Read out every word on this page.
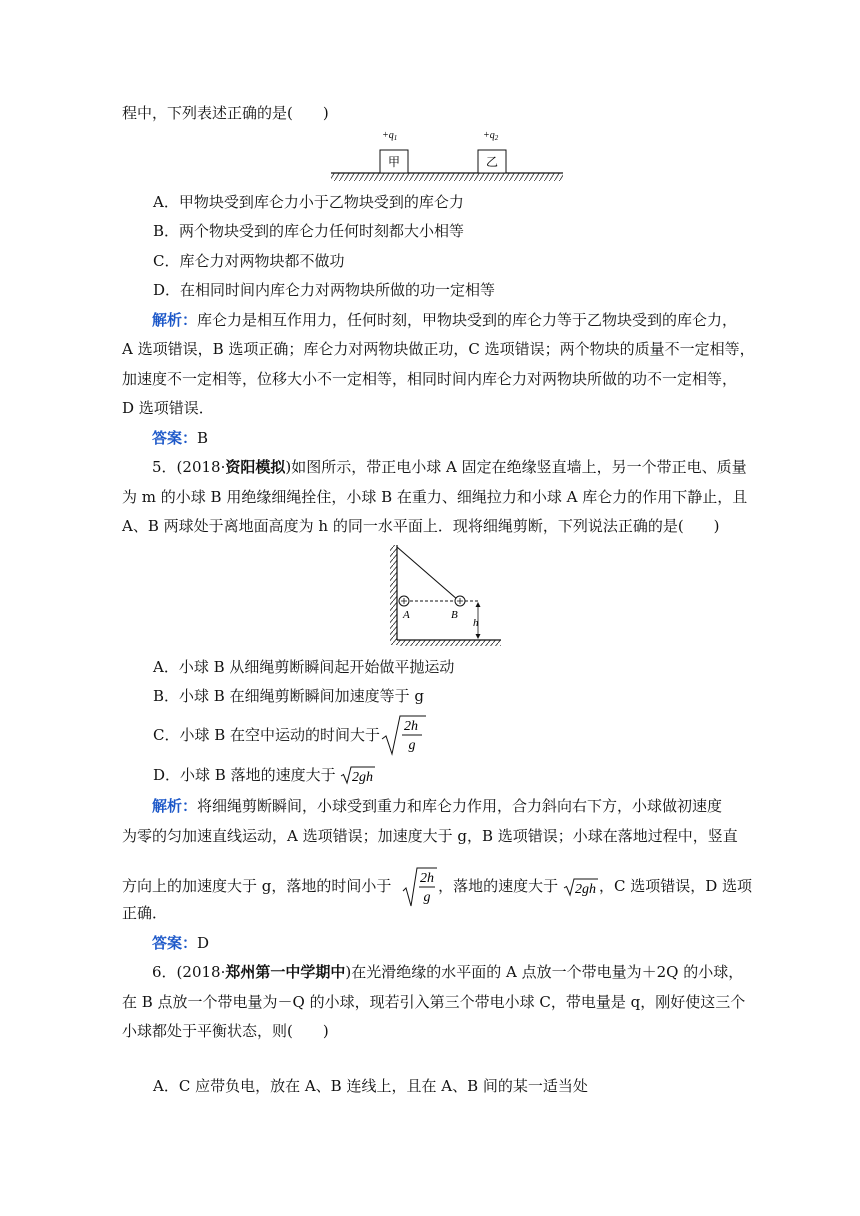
程中，下列表述正确的是(　　)
甲	乙
$+q_1$	$+q_2$
A．甲物块受到库仑力小于乙物块受到的库仑力
B．两个物块受到的库仑力任何时刻都大小相等
C．库仑力对两物块都不做功
D．在相同时间内库仑力对两物块所做的功一定相等
解析：库仑力是相互作用力，任何时刻，甲物块受到的库仑力等于乙物块受到的库仑力，
A 选项错误，B 选项正确；库仑力对两物块做正功，C 选项错误；两个物块的质量不一定相等，
加速度不一定相等，位移大小不一定相等，相同时间内库仑力对两物块所做的功不一定相等，
D 选项错误．
答案：B
5．(2018·资阳模拟)如图所示，带正电小球 A 固定在绝缘竖直墙上，另一个带正电、质量
为 m 的小球 B 用绝缘细绳拴住，小球 B 在重力、细绳拉力和小球 A 库仑力的作用下静止，且
A、B 两球处于离地面高度为 h 的同一水平面上．现将细绳剪断，下列说法正确的是(　　)
A	B
h
A．小球 B 从细绳剪断瞬间起开始做平抛运动
B．小球 B 在细绳剪断瞬间加速度等于 g
C．小球 B 在空中运动的时间大于 2h
g
D．小球 B 落地的速度大于 2gh
解析：将细绳剪断瞬间，小球受到重力和库仑力作用，合力斜向右下方，小球做初速度
为零的匀加速直线运动，A 选项错误；加速度大于 g，B 选项错误；小球在落地过程中，竖直
方向上的加速度大于 g，落地的时间小于 2h
g
，落地的速度大于 2gh ，C 选项错误，D 选项
正确．
答案：D
6．(2018·郑州第一中学期中)在光滑绝缘的水平面的 A 点放一个带电量为＋2Q 的小球，
在 B 点放一个带电量为－Q 的小球，现若引入第三个带电小球 C，带电量是 q，刚好使这三个
小球都处于平衡状态，则(　　)
A．C 应带负电，放在 A、B 连线上，且在 A、B 间的某一适当处
